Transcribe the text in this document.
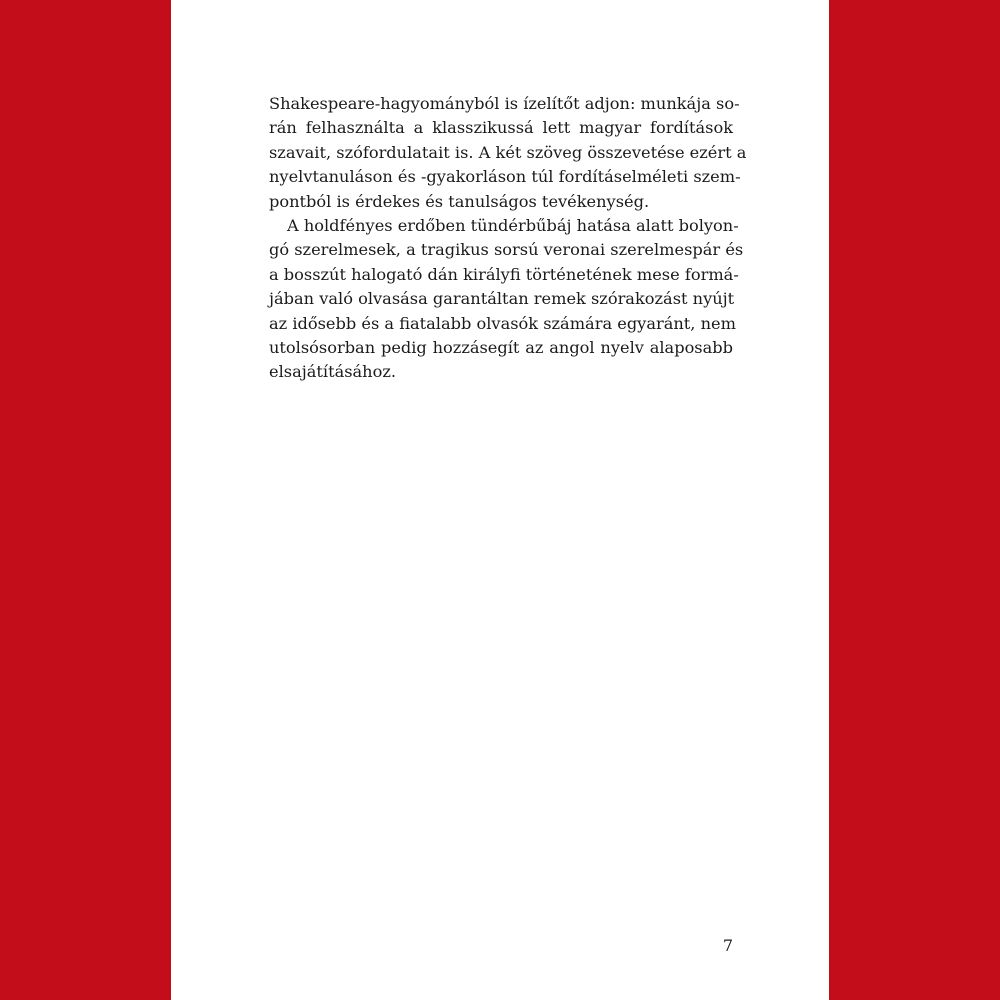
Shakespeare-hagyományból is ízelítőt adjon: munkája so-
rán felhasználta a klasszikussá lett magyar fordítások
szavait, szófordulatait is. A két szöveg összevetése ezért a
nyelvtanuláson és -gyakorláson túl fordításelméleti szem-
pontból is érdekes és tanulságos tevékenység.
A holdfényes erdőben tündérbűbáj hatása alatt bolyon-
gó szerelmesek, a tragikus sorsú veronai szerelmespár és
a bosszút halogató dán királyfi történetének mese formá-
jában való olvasása garantáltan remek szórakozást nyújt
az idősebb és a fiatalabb olvasók számára egyaránt, nem
utolsósorban pedig hozzásegít az angol nyelv alaposabb
elsajátításához.
7
